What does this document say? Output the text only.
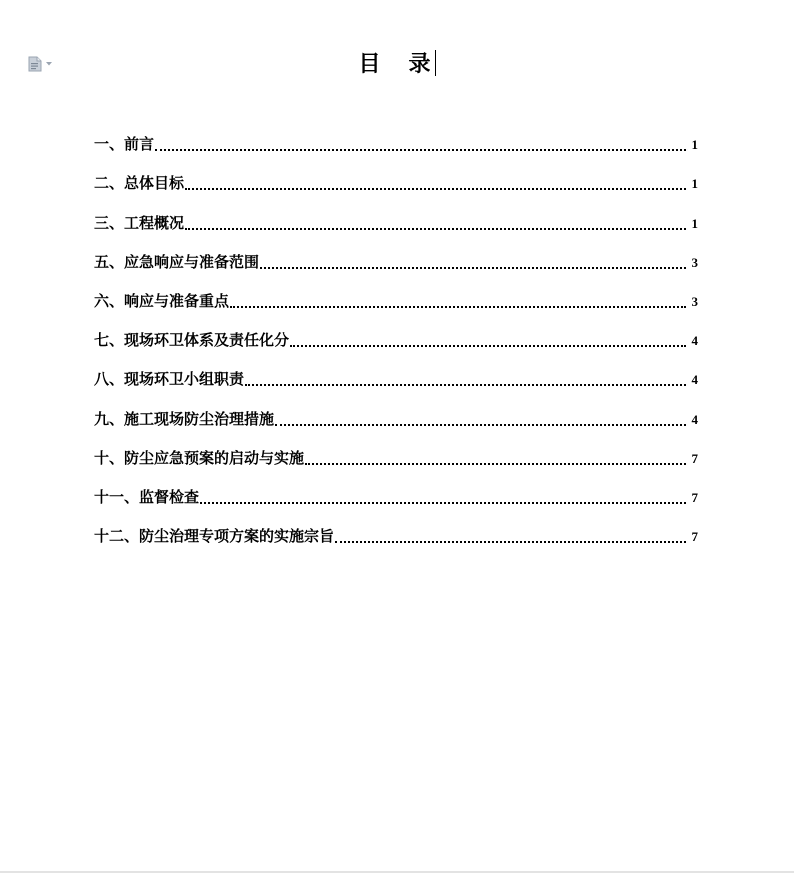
目 录
一、前言	1
二、总体目标	1
三、工程概况	1
五、应急响应与准备范围	3
六、响应与准备重点	3
七、现场环卫体系及责任化分	4
八、现场环卫小组职责	4
九、施工现场防尘治理措施	4
十、防尘应急预案的启动与实施	7
十一、监督检查	7
十二、防尘治理专项方案的实施宗旨	7
